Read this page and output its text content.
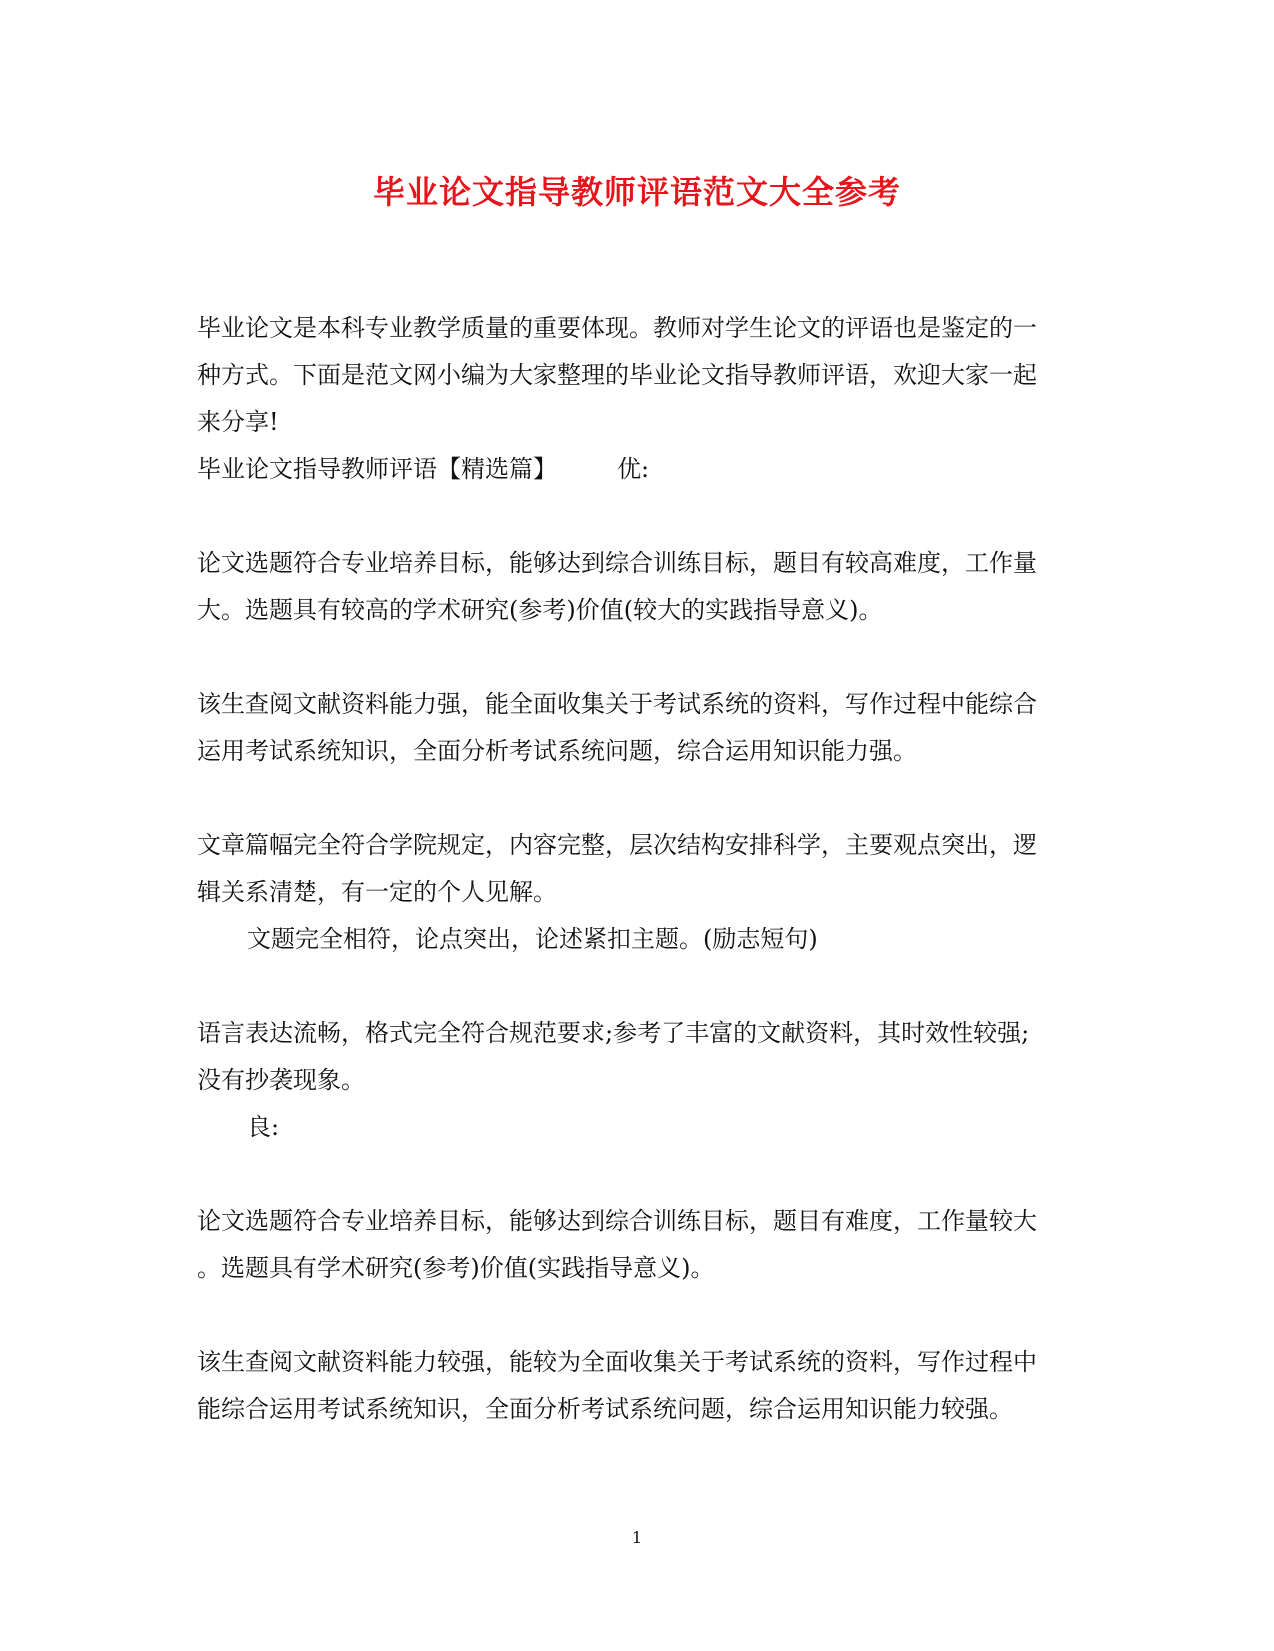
毕业论文指导教师评语范文大全参考
毕业论文是本科专业教学质量的重要体现。教师对学生论文的评语也是鉴定的一
种方式。下面是范文网小编为大家整理的毕业论文指导教师评语，欢迎大家一起
来分享!
毕业论文指导教师评语【精选篇】	优:
论文选题符合专业培养目标，能够达到综合训练目标，题目有较高难度，工作量
大。选题具有较高的学术研究(参考)价值(较大的实践指导意义)。
该生查阅文献资料能力强，能全面收集关于考试系统的资料，写作过程中能综合
运用考试系统知识，全面分析考试系统问题，综合运用知识能力强。
文章篇幅完全符合学院规定，内容完整，层次结构安排科学，主要观点突出，逻
辑关系清楚，有一定的个人见解。
文题完全相符，论点突出，论述紧扣主题。(励志短句)
语言表达流畅，格式完全符合规范要求;参考了丰富的文献资料，其时效性较强;
没有抄袭现象。
良:
论文选题符合专业培养目标，能够达到综合训练目标，题目有难度，工作量较大
。选题具有学术研究(参考)价值(实践指导意义)。
该生查阅文献资料能力较强，能较为全面收集关于考试系统的资料，写作过程中
能综合运用考试系统知识，全面分析考试系统问题，综合运用知识能力较强。
1
